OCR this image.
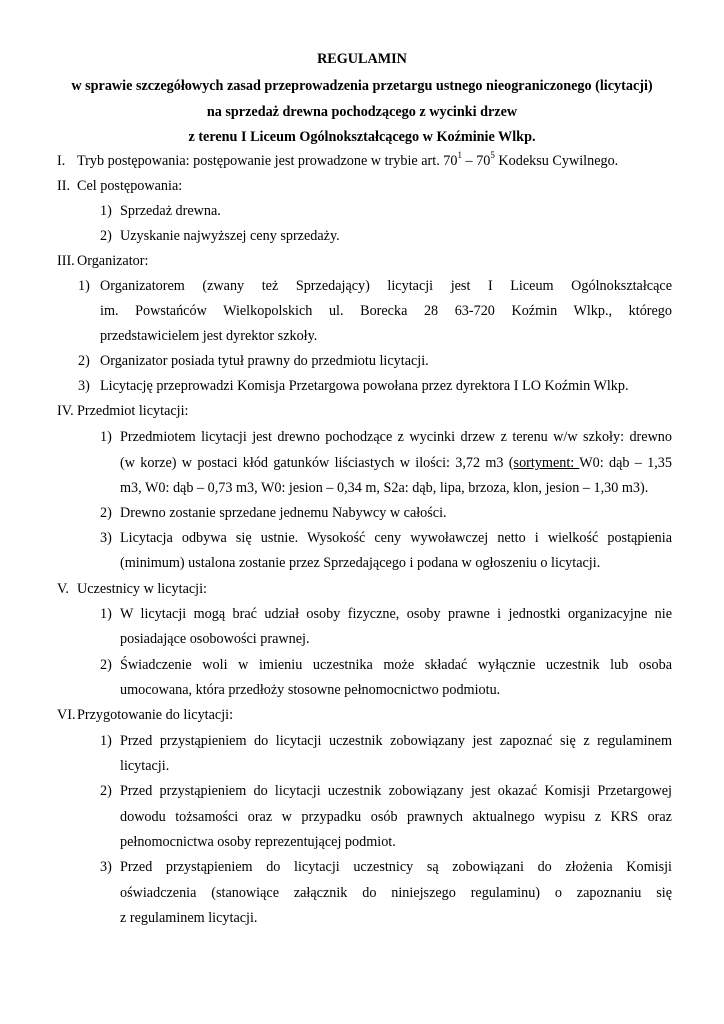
REGULAMIN
w sprawie szczegółowych zasad przeprowadzenia przetargu ustnego nieograniczonego (licytacji)
na sprzedaż drewna pochodzącego z wycinki drzew
z terenu I Liceum Ogólnokształcącego w Koźminie Wlkp.
I. Tryb postępowania: postępowanie jest prowadzone w trybie art. $70^1 - 70^5$ Kodeksu Cywilnego.
II. Cel postępowania:
1) Sprzedaż drewna.
2) Uzyskanie najwyższej ceny sprzedaży.
III. Organizator:
1) Organizatorem (zwany też Sprzedający) licytacji jest I Liceum Ogólnokształcące
im. Powstańców Wielkopolskich ul. Borecka 28 63-720 Koźmin Wlkp., którego
przedstawicielem jest dyrektor szkoły.
2) Organizator posiada tytuł prawny do przedmiotu licytacji.
3) Licytację przeprowadzi Komisja Przetargowa powołana przez dyrektora I LO Koźmin Wlkp.
IV. Przedmiot licytacji:
1) Przedmiotem licytacji jest drewno pochodzące z wycinki drzew z terenu w/w szkoły: drewno
(w korze) w postaci kłód gatunków liściastych w ilości: 3,72 m3 (sortyment: W0: dąb – 1,35
m3, W0: dąb – 0,73 m3, W0: jesion – 0,34 m, S2a: dąb, lipa, brzoza, klon, jesion – 1,30 m3).
2) Drewno zostanie sprzedane jednemu Nabywcy w całości.
3) Licytacja odbywa się ustnie. Wysokość ceny wywoławczej netto i wielkość postąpienia
(minimum) ustalona zostanie przez Sprzedającego i podana w ogłoszeniu o licytacji.
V. Uczestnicy w licytacji:
1) W licytacji mogą brać udział osoby fizyczne, osoby prawne i jednostki organizacyjne nie
posiadające osobowości prawnej.
2) Świadczenie woli w imieniu uczestnika może składać wyłącznie uczestnik lub osoba
umocowana, która przedłoży stosowne pełnomocnictwo podmiotu.
VI. Przygotowanie do licytacji:
1) Przed przystąpieniem do licytacji uczestnik zobowiązany jest zapoznać się z regulaminem
licytacji.
2) Przed przystąpieniem do licytacji uczestnik zobowiązany jest okazać Komisji Przetargowej
dowodu tożsamości oraz w przypadku osób prawnych aktualnego wypisu z KRS oraz
pełnomocnictwa osoby reprezentującej podmiot.
3) Przed przystąpieniem do licytacji uczestnicy są zobowiązani do złożenia Komisji
oświadczenia (stanowiące załącznik do niniejszego regulaminu) o zapoznaniu się
z regulaminem licytacji.
